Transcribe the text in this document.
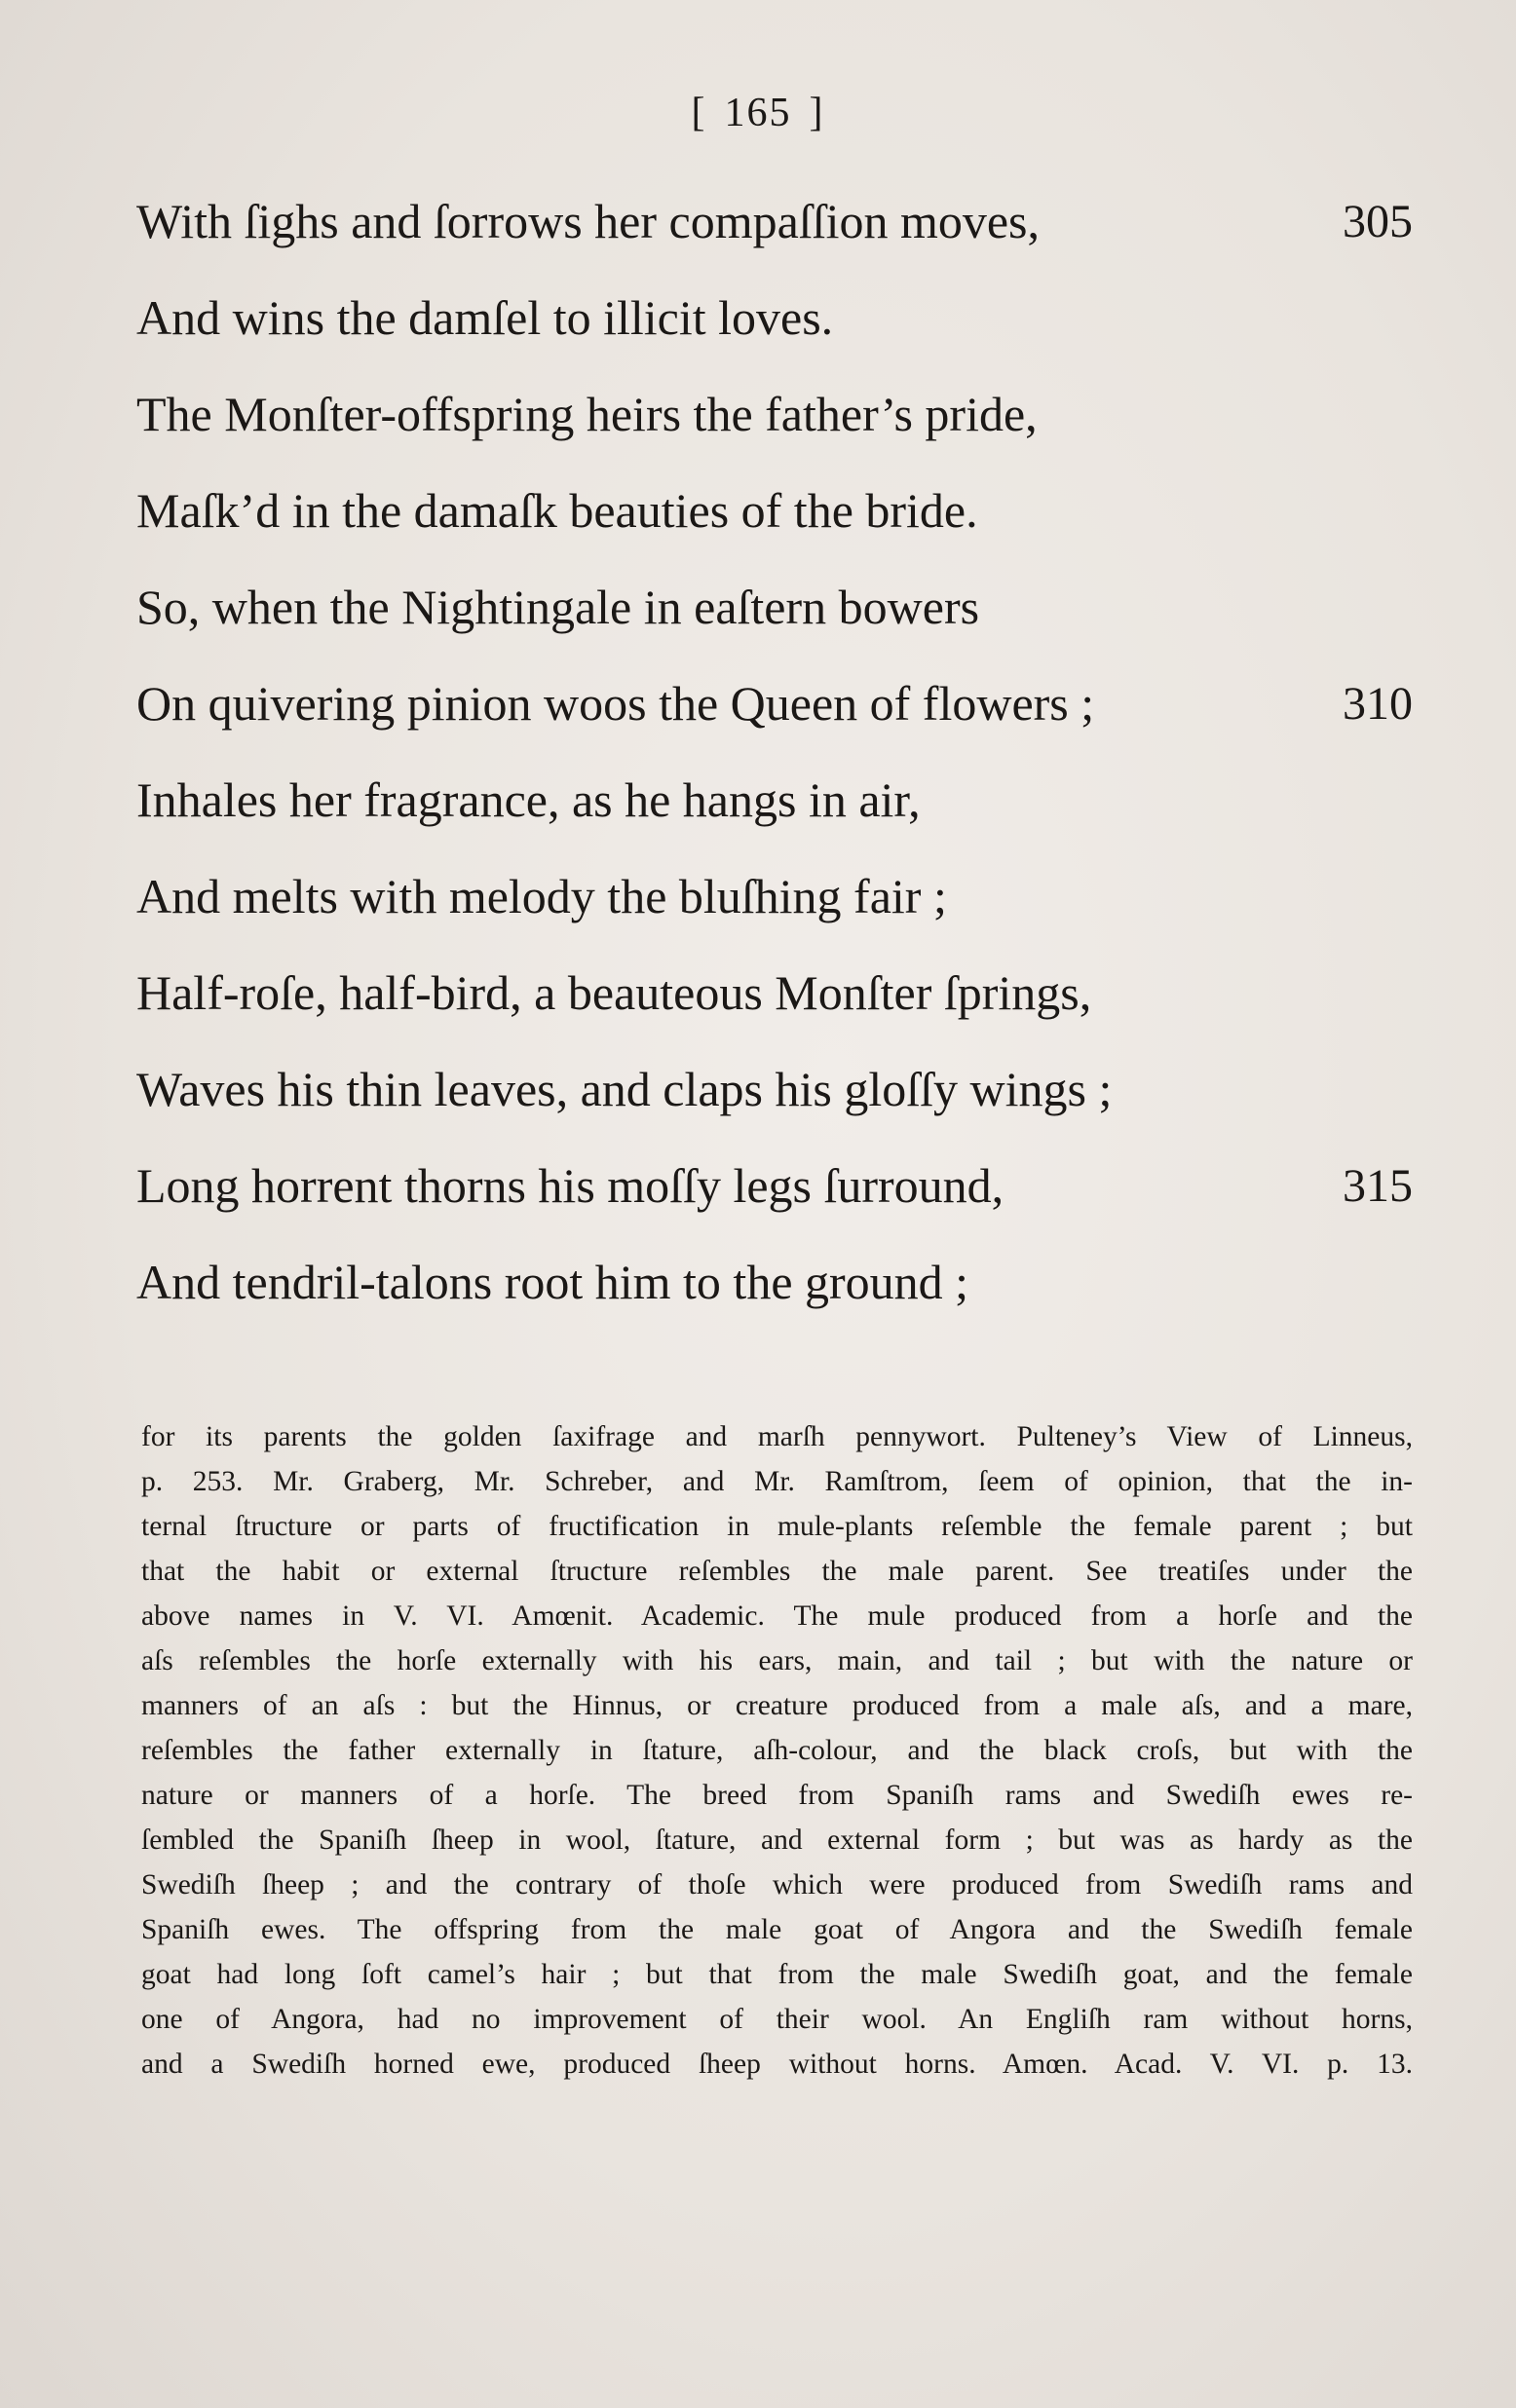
[ 165 ]
With ſighs and ſorrows her compaſſion moves,	305
And wins the damſel to illicit loves.
The Monſter-offspring heirs the father’s pride,
Maſk’d in the damaſk beauties of the bride.
So, when the Nightingale in eaſtern bowers
On quivering pinion woos the Queen of flowers ;	310
Inhales her fragrance, as he hangs in air,
And melts with melody the bluſhing fair ;
Half-roſe, half-bird, a beauteous Monſter ſprings,
Waves his thin leaves, and claps his gloſſy wings ;
Long horrent thorns his moſſy legs ſurround,	315
And tendril-talons root him to the ground ;
for its parents the golden ſaxifrage and marſh pennywort. Pulteney’s View of Linneus,
p. 253. Mr. Graberg, Mr. Schreber, and Mr. Ramſtrom, ſeem of opinion, that the in-
ternal ſtructure or parts of fructification in mule-plants reſemble the female parent ; but
that the habit or external ſtructure reſembles the male parent. See treatiſes under the
above names in V. VI. Amœnit. Academic. The mule produced from a horſe and the
aſs reſembles the horſe externally with his ears, main, and tail ; but with the nature or
manners of an aſs : but the Hinnus, or creature produced from a male aſs, and a mare,
reſembles the father externally in ſtature, aſh-colour, and the black croſs, but with the
nature or manners of a horſe. The breed from Spaniſh rams and Swediſh ewes re-
ſembled the Spaniſh ſheep in wool, ſtature, and external form ; but was as hardy as the
Swediſh ſheep ; and the contrary of thoſe which were produced from Swediſh rams and
Spaniſh ewes. The offspring from the male goat of Angora and the Swediſh female
goat had long ſoft camel’s hair ; but that from the male Swediſh goat, and the female
one of Angora, had no improvement of their wool. An Engliſh ram without horns,
and a Swediſh horned ewe, produced ſheep without horns. Amœn. Acad. V. VI. p. 13.
